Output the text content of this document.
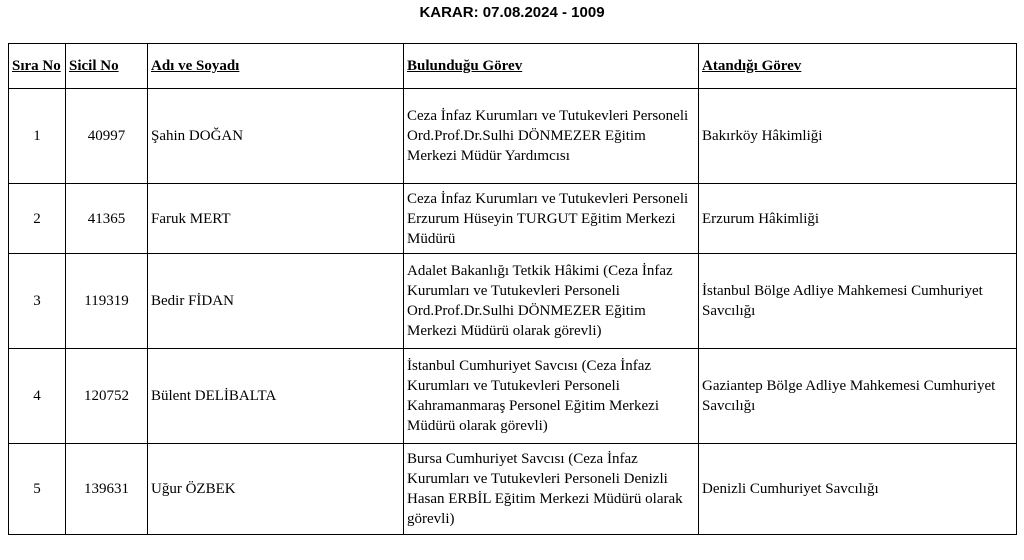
KARAR: 07.08.2024 - 1009
Sıra No	Sicil No	Adı ve Soyadı	Bulunduğu Görev	Atandığı Görev
1	40997	Şahin DOĞAN	Ceza İnfaz Kurumları ve Tutukevleri Personeli Ord.Prof.Dr.Sulhi DÖNMEZER Eğitim Merkezi Müdür Yardımcısı	Bakırköy Hâkimliği
2	41365	Faruk MERT	Ceza İnfaz Kurumları ve Tutukevleri Personeli Erzurum Hüseyin TURGUT Eğitim Merkezi Müdürü	Erzurum Hâkimliği
3	119319	Bedir FİDAN	Adalet Bakanlığı Tetkik Hâkimi (Ceza İnfaz Kurumları ve Tutukevleri Personeli Ord.Prof.Dr.Sulhi DÖNMEZER Eğitim Merkezi Müdürü olarak görevli)	İstanbul Bölge Adliye Mahkemesi Cumhuriyet Savcılığı
4	120752	Bülent DELİBALTA	İstanbul Cumhuriyet Savcısı (Ceza İnfaz Kurumları ve Tutukevleri Personeli Kahramanmaraş Personel Eğitim Merkezi Müdürü olarak görevli)	Gaziantep Bölge Adliye Mahkemesi Cumhuriyet Savcılığı
5	139631	Uğur ÖZBEK	Bursa Cumhuriyet Savcısı (Ceza İnfaz Kurumları ve Tutukevleri Personeli Denizli Hasan ERBİL Eğitim Merkezi Müdürü olarak görevli)	Denizli Cumhuriyet Savcılığı
